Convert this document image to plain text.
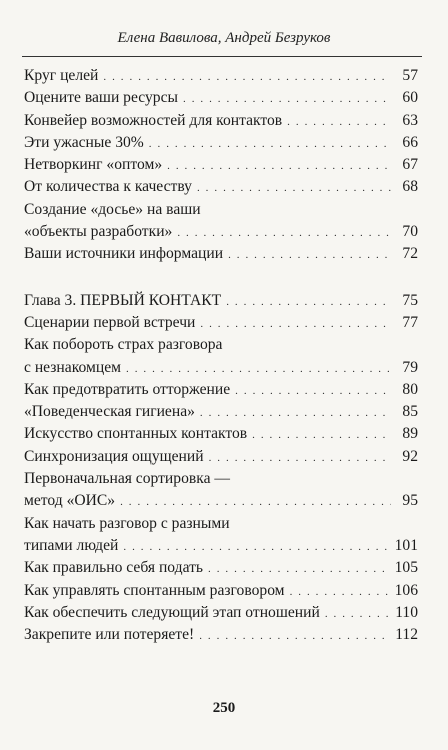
Елена Вавилова, Андрей Безруков
Круг целей . . .	57
Оцените ваши ресурсы . . .	60
Конвейер возможностей для контактов . . .	63
Эти ужасные 30% . . .	66
Нетворкинг «оптом» . . .	67
От количества к качеству . . .	68
Создание «досье» на ваши
«объекты разработки» . . .	70
Ваши источники информации . . .	72
Глава 3. ПЕРВЫЙ КОНТАКТ . . .	75
Сценарии первой встречи . . .	77
Как побороть страх разговора
с незнакомцем . . .	79
Как предотвратить отторжение . . .	80
«Поведенческая гигиена» . . .	85
Искусство спонтанных контактов . . .	89
Синхронизация ощущений . . .	92
Первоначальная сортировка —
метод «ОИС» . . .	95
Как начать разговор с разными
типами людей . . .	101
Как правильно себя подать . . .	105
Как управлять спонтанным разговором . . .	106
Как обеспечить следующий этап отношений . . .	110
Закрепите или потеряете! . . .	112
250
